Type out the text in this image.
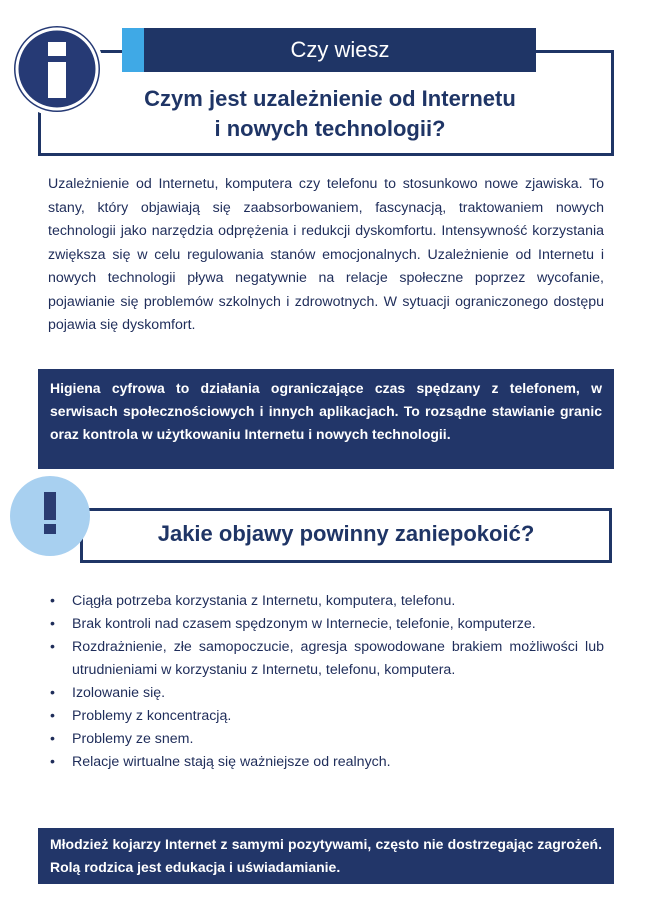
Czy wiesz
Czym jest uzależnienie od Internetu
i nowych technologii?
Uzależnienie od Internetu, komputera czy telefonu to stosunkowo nowe zjawiska. To stany, który objawiają się zaabsorbowaniem, fascynacją, traktowaniem nowych technologii jako narzędzia odprężenia i redukcji dyskomfortu. Intensywność korzystania zwiększa się w celu regulowania stanów emocjonalnych. Uzależnienie od Internetu i nowych technologii pływa negatywnie na relacje społeczne poprzez wycofanie, pojawianie się problemów szkolnych i zdrowotnych. W sytuacji ograniczonego dostępu pojawia się dyskomfort.
Higiena cyfrowa to działania ograniczające czas spędzany z telefonem, w serwisach społecznościowych i innych aplikacjach. To rozsądne stawianie granic oraz kontrola w użytkowaniu Internetu i nowych technologii.
Jakie objawy powinny zaniepokoić?
• Ciągła potrzeba korzystania z Internetu, komputera, telefonu.
• Brak kontroli nad czasem spędzonym w Internecie, telefonie, komputerze.
• Rozdrażnienie, złe samopoczucie, agresja spowodowane brakiem możliwości lub utrudnieniami w korzystaniu z Internetu, telefonu, komputera.
• Izolowanie się.
• Problemy z koncentracją.
• Problemy ze snem.
• Relacje wirtualne stają się ważniejsze od realnych.
Młodzież kojarzy Internet z samymi pozytywami, często nie dostrzegając zagrożeń. Rolą rodzica jest edukacja i uświadamianie.
